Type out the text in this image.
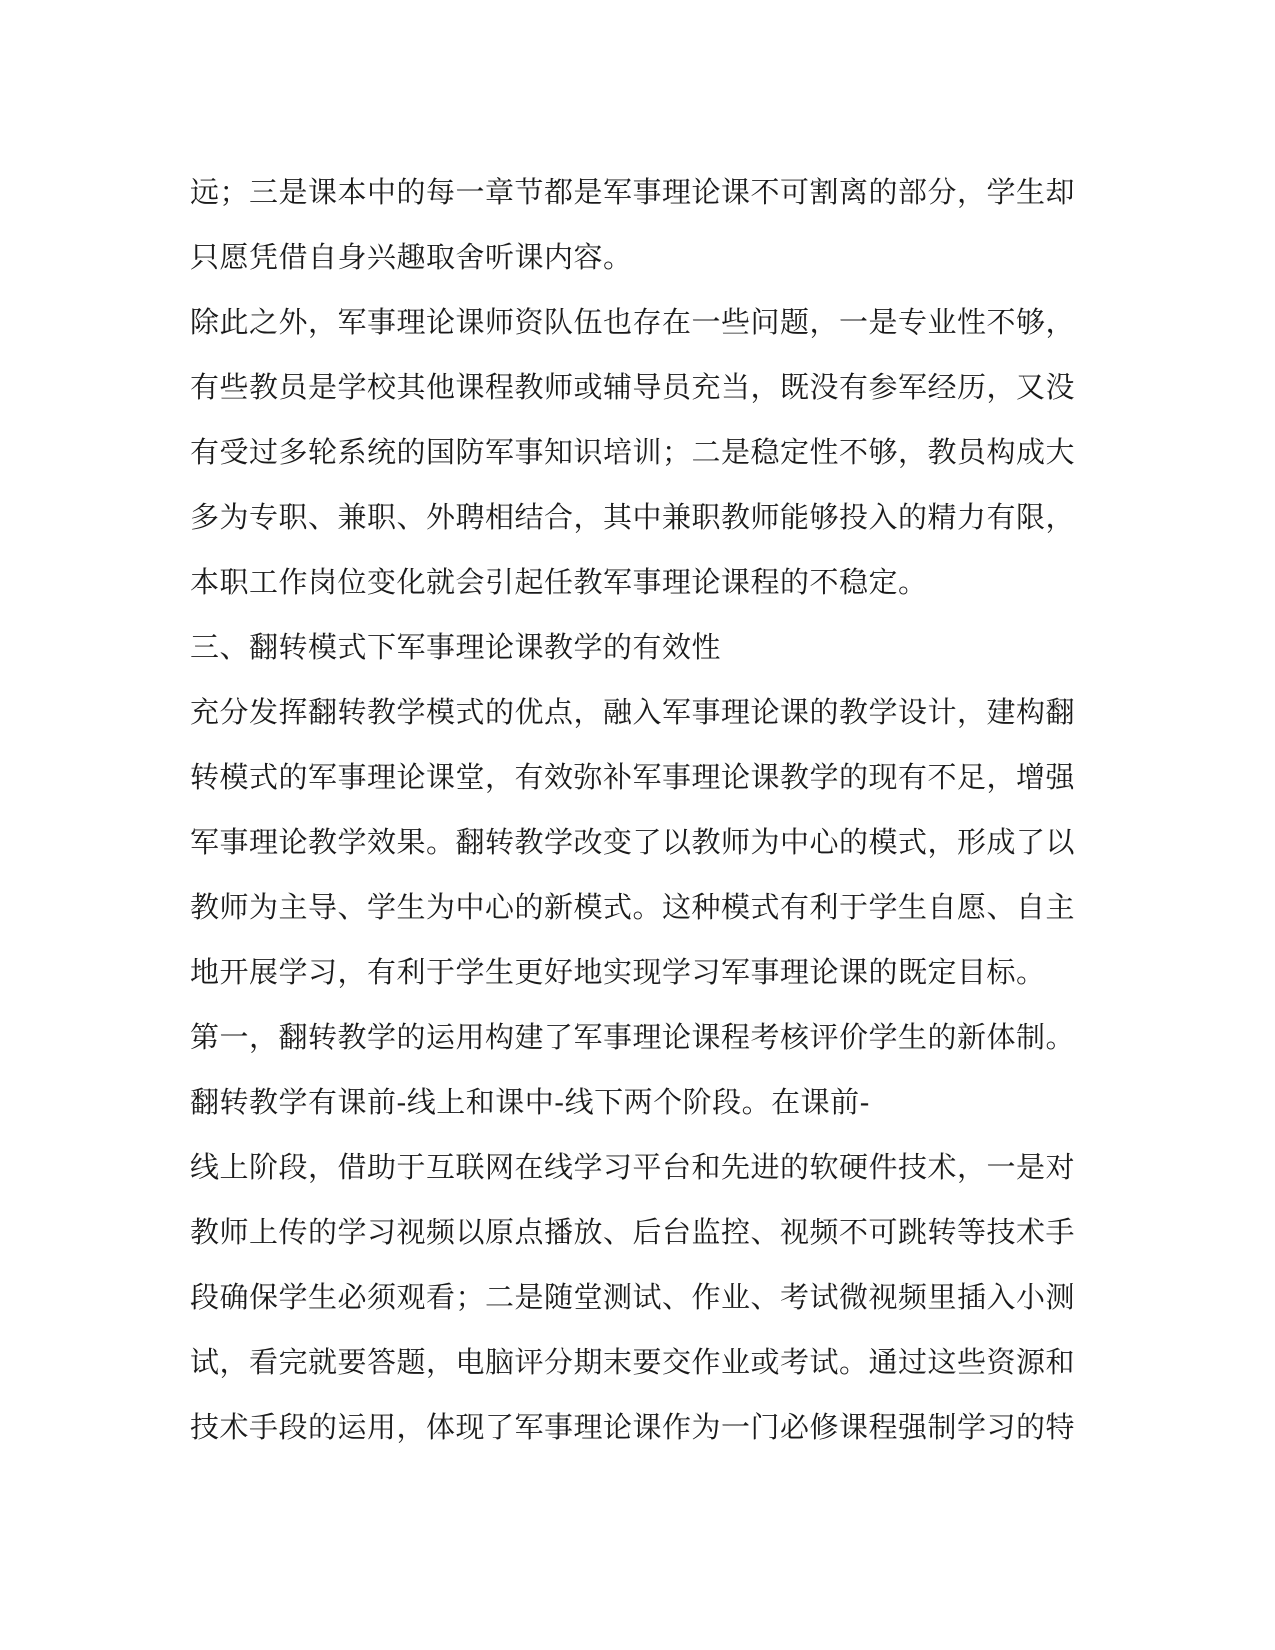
远；三是课本中的每一章节都是军事理论课不可割离的部分，学生却
只愿凭借自身兴趣取舍听课内容。
除此之外，军事理论课师资队伍也存在一些问题，一是专业性不够，
有些教员是学校其他课程教师或辅导员充当，既没有参军经历，又没
有受过多轮系统的国防军事知识培训；二是稳定性不够，教员构成大
多为专职、兼职、外聘相结合，其中兼职教师能够投入的精力有限，
本职工作岗位变化就会引起任教军事理论课程的不稳定。
三、翻转模式下军事理论课教学的有效性
充分发挥翻转教学模式的优点，融入军事理论课的教学设计，建构翻
转模式的军事理论课堂，有效弥补军事理论课教学的现有不足，增强
军事理论教学效果。翻转教学改变了以教师为中心的模式，形成了以
教师为主导、学生为中心的新模式。这种模式有利于学生自愿、自主
地开展学习，有利于学生更好地实现学习军事理论课的既定目标。
第一，翻转教学的运用构建了军事理论课程考核评价学生的新体制。
翻转教学有课前-线上和课中-线下两个阶段。在课前-
线上阶段，借助于互联网在线学习平台和先进的软硬件技术，一是对
教师上传的学习视频以原点播放、后台监控、视频不可跳转等技术手
段确保学生必须观看；二是随堂测试、作业、考试微视频里插入小测
试，看完就要答题，电脑评分期末要交作业或考试。通过这些资源和
技术手段的运用，体现了军事理论课作为一门必修课程强制学习的特
